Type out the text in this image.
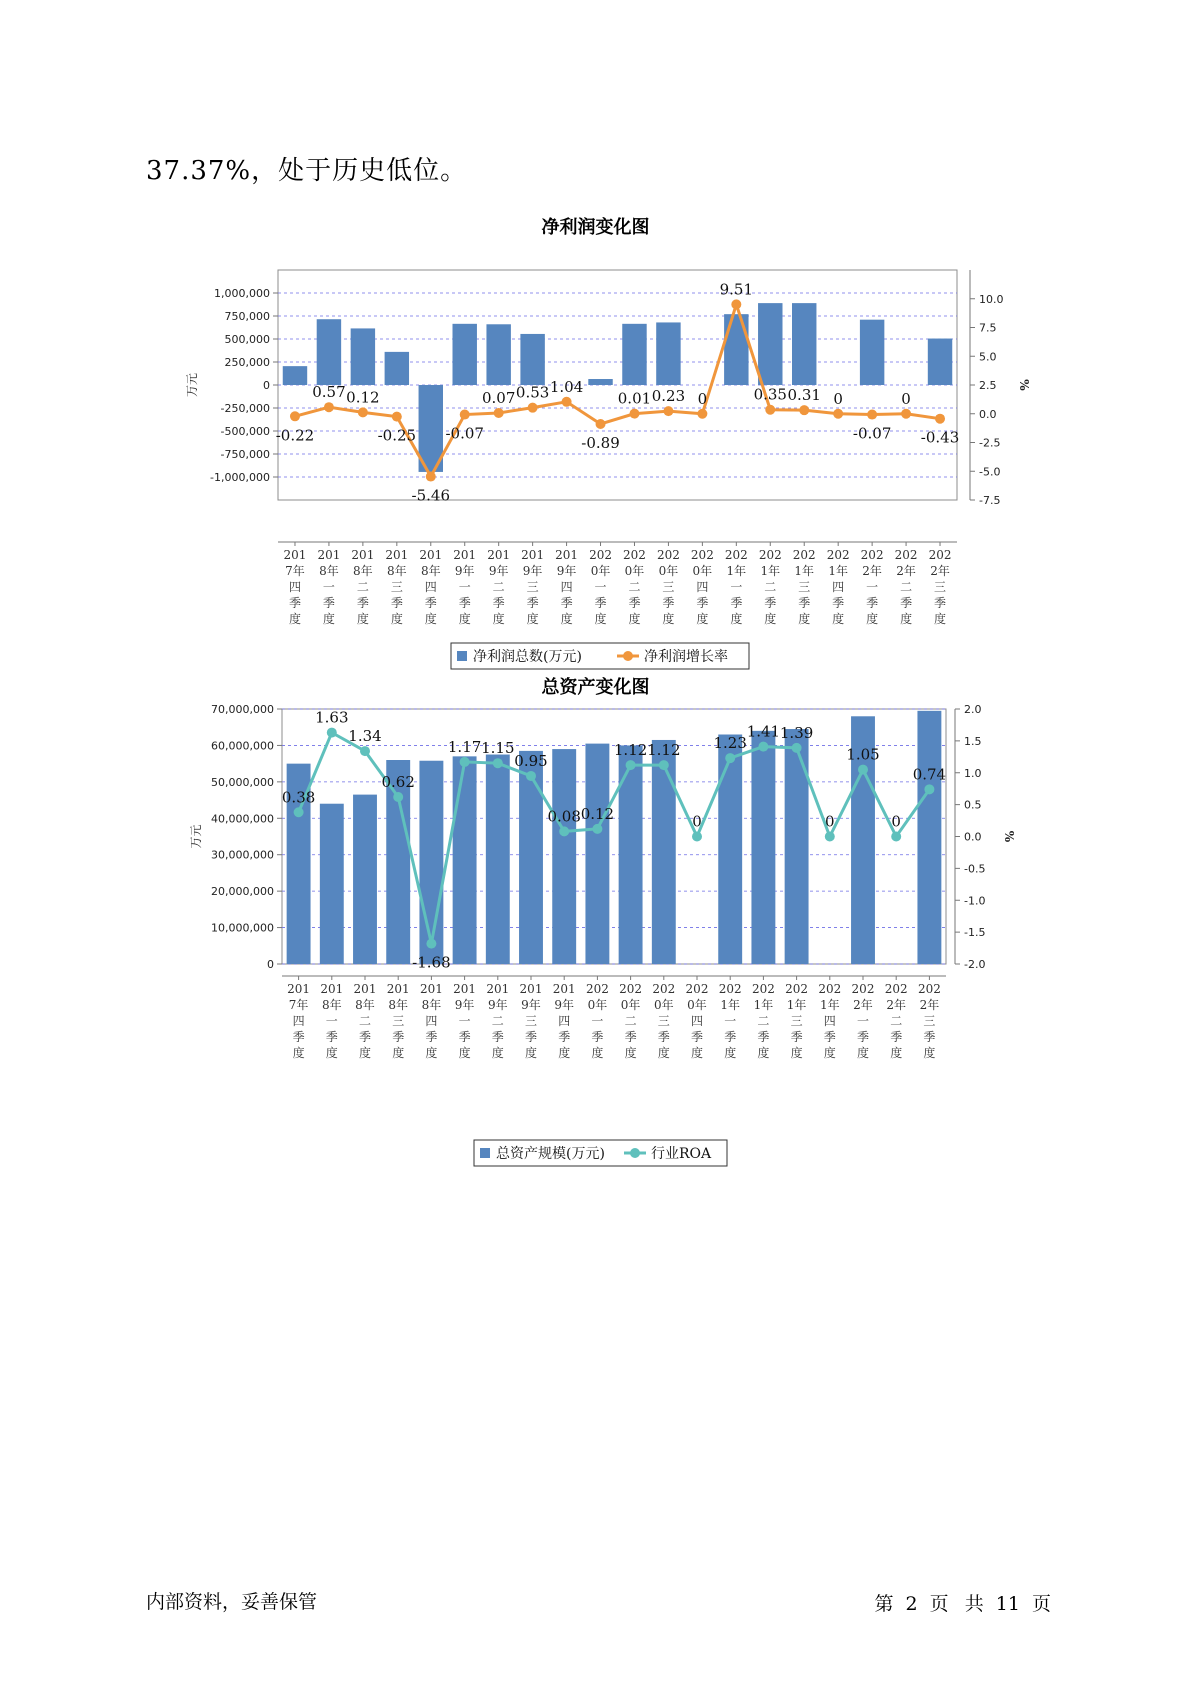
37.37%，处于历史低位。
净利润变化图
1,000,000
750,000
500,000
250,000
0
-250,000
-500,000
-750,000
-1,000,000
10.0
7.5
5.0
2.5
0.0
-2.5
-5.0
-7.5
万元	%
201 7年四季度
201 8年一季度
201 8年二季度
201 8年三季度
201 8年四季度
201 9年一季度
201 9年二季度
201 9年三季度
201 9年四季度
202 0年一季度
202 0年二季度
202 0年三季度
202 0年四季度
202 1年一季度
202 1年二季度
202 1年三季度
202 1年四季度
202 2年一季度
202 2年二季度
202 2年三季度
-0.22
0.57 0.12
-0.25
-5.46
-0.07
0.07 0.53 1.04
-0.89
0.01 0.23 0
9.51
0.35 0.31 0
-0.07
0
-0.43
净利润总数(万元)	净利润增长率
总资产变化图
70,000,000
60,000,000
50,000,000
40,000,000
30,000,000
20,000,000
10,000,000
0
2.0
1.5
1.0
0.5
0.0
-0.5
-1.0
-1.5
-2.0
万元	%
201 7年四季度
201 8年一季度
201 8年二季度
201 8年三季度
201 8年四季度
201 9年一季度
201 9年二季度
201 9年三季度
201 9年四季度
202 0年一季度
202 0年二季度
202 0年三季度
202 0年四季度
202 1年一季度
202 1年二季度
202 1年三季度
202 1年四季度
202 2年一季度
202 2年二季度
202 2年三季度
0.38
1.63
1.34
0.62
-1.68
1.17 1.15
0.95
0.08 0.12
1.12 1.12
0
1.23
1.41 1.39
0
1.05
0
0.74
总资产规模(万元)	行业ROA
内部资料，妥善保管	第 2 页 共 11 页
